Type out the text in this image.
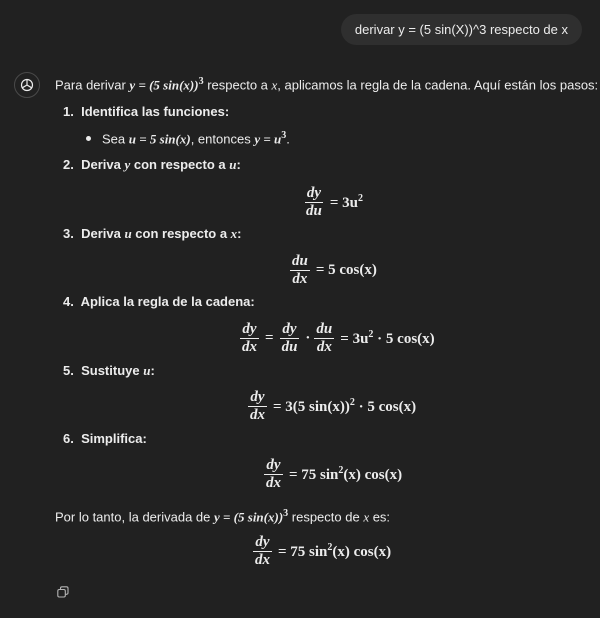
derivar y = (5 sin(X))^3 respecto de x
Para derivar y = (5 sin(x))$^3$ respecto a x, aplicamos la regla de la cadena. Aquí están los pasos:
1. Identifica las funciones:
Sea u = 5 sin(x), entonces $y = u^3$.
2. Deriva y con respecto a u:
$\frac{dy}{du} = 3u^2$
3. Deriva u con respecto a x:
$\frac{du}{dx} = 5$ cos(x)
4. Aplica la regla de la cadena:
$\frac{dy}{dx} = \frac{dy}{du} \cdot \frac{du}{dx} = 3u^2 \cdot 5$ cos(x)
5. Sustituye u:
$\frac{dy}{dx} = 3(5$ sin(x))$^2$ · 5 cos(x)
6. Simplifica:
$\frac{dy}{dx} = 75$ $\sin^2(x)$ cos(x)
Por lo tanto, la derivada de y = (5 sin(x))$^3$ respecto de x es:
$\frac{dy}{dx} = 75$ $\sin^2(x)$ cos(x)
